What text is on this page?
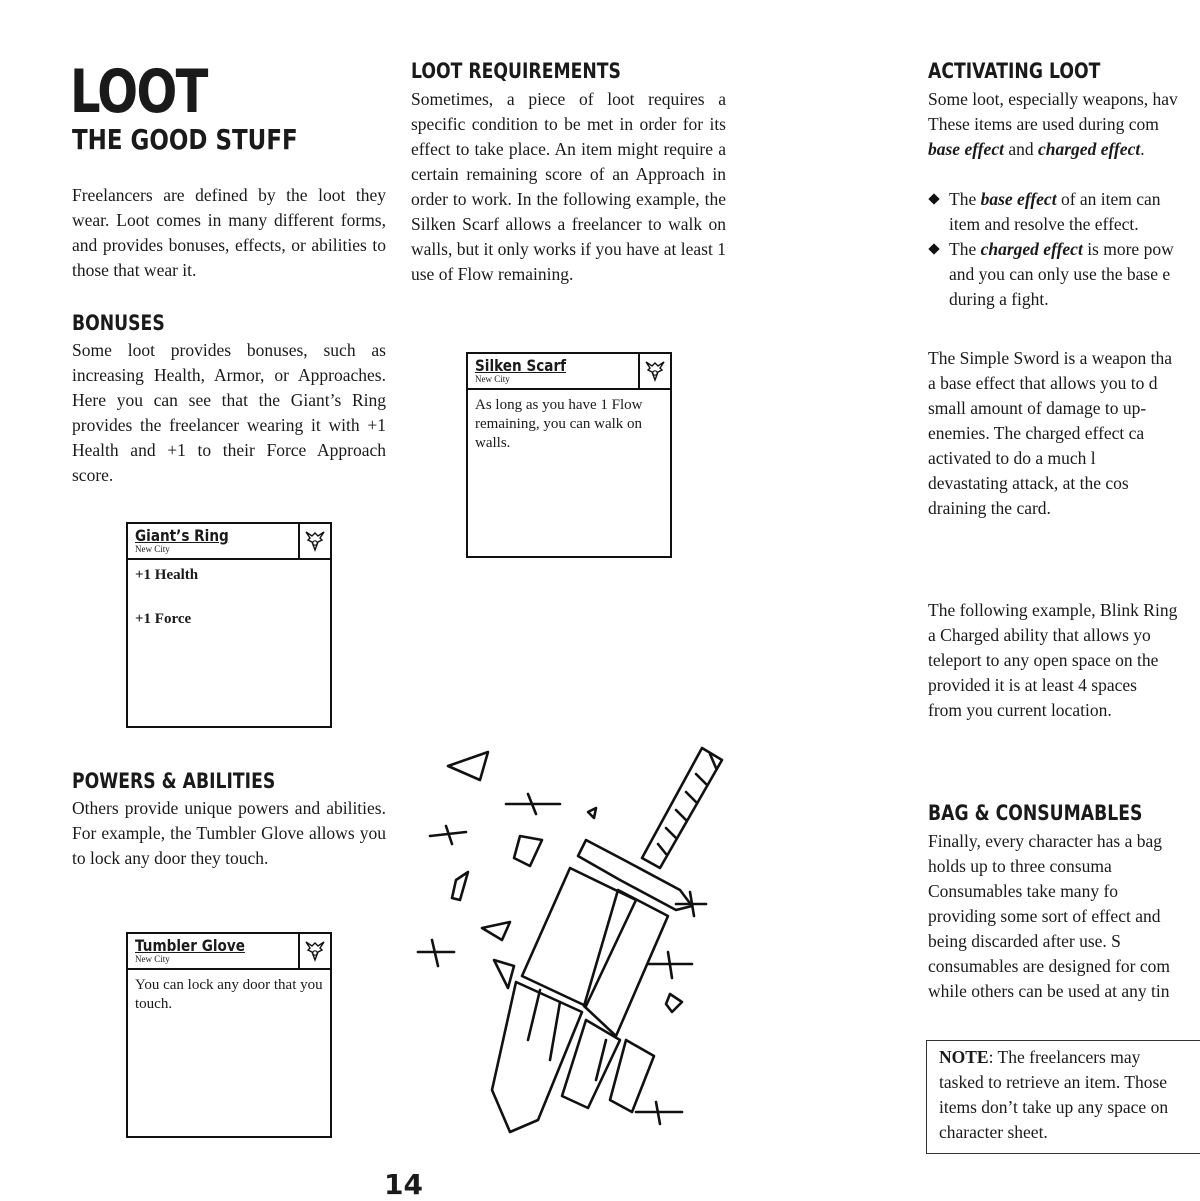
LOOT
THE GOOD STUFF
Freelancers are defined by the loot they wear. Loot comes in many different forms, and provides bonuses, effects, or abilities to those that wear it.
BONUSES
Some loot provides bonuses, such as increasing Health, Armor, or Approaches. Here you can see that the Giant’s Ring provides the freelancer wearing it with +1 Health and +1 to their Force Approach score.
Giant’s Ring
New City
+1 Health
+1 Force
POWERS & ABILITIES
Others provide unique powers and abilities. For example, the Tumbler Glove allows you to lock any door they touch.
Tumbler Glove
New City
You can lock any door that you touch.
LOOT REQUIREMENTS
Sometimes, a piece of loot requires a specific condition to be met in order for its effect to take place. An item might require a certain remaining score of an Approach in order to work. In the following example, the Silken Scarf allows a freelancer to walk on walls, but it only works if you have at least 1 use of Flow remaining.
Silken Scarf
New City
As long as you have 1 Flow remaining, you can walk on walls.
14
ACTIVATING LOOT
Some loot, especially weapons, hav
These items are used during com
base effect and charged effect.
The base effect of an item can
item and resolve the effect.
The charged effect is more pow
and you can only use the base e
during a fight.
The Simple Sword is a weapon tha
a base effect that allows you to d
small amount of damage to up-
enemies. The charged effect ca
activated to do a much l
devastating attack, at the cos
draining the card.
The following example, Blink Ring
a Charged ability that allows yo
teleport to any open space on the
provided it is at least 4 spaces
from you current location.
BAG & CONSUMABLES
Finally, every character has a bag
holds up to three consuma
Consumables take many fo
providing some sort of effect and
being discarded after use. S
consumables are designed for com
while others can be used at any tin
NOTE: The freelancers may
tasked to retrieve an item. Those
items don’t take up any space on
character sheet.
